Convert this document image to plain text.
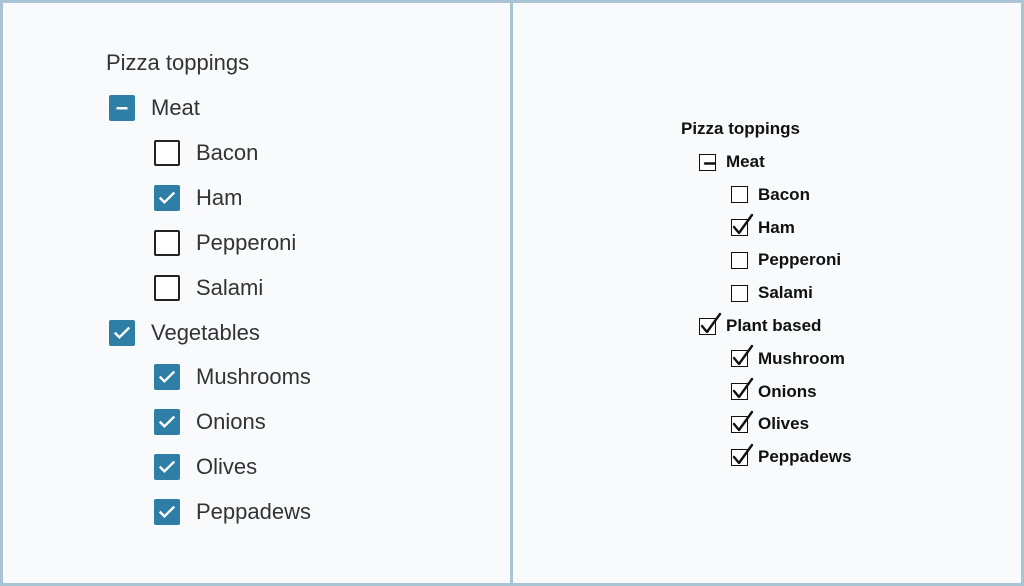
Pizza toppings
Meat
Bacon
Ham
Pepperoni
Salami
Vegetables
Mushrooms
Onions
Olives
Peppadews
Pizza toppings
Meat
Bacon
Ham
Pepperoni
Salami
Plant based
Mushroom
Onions
Olives
Peppadews
